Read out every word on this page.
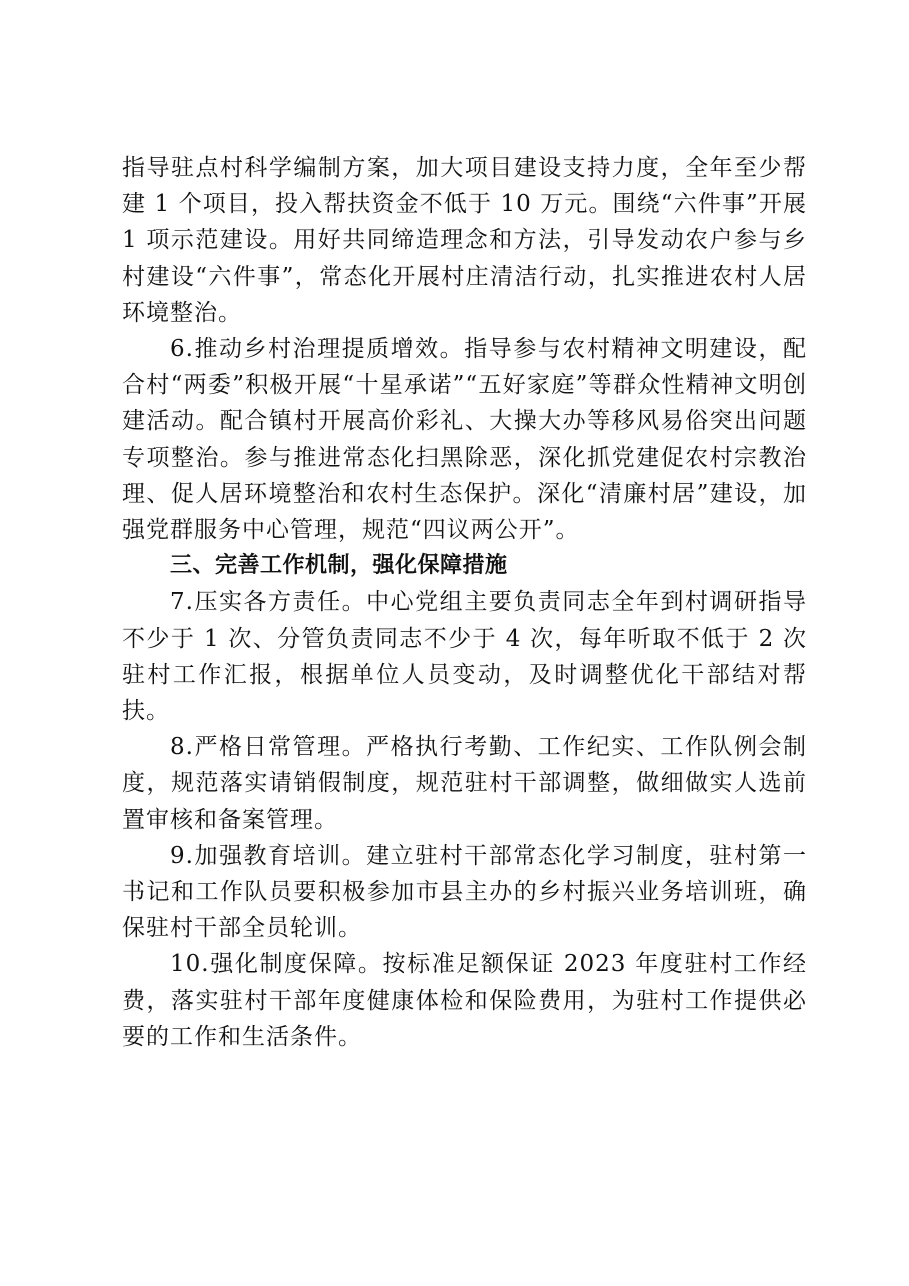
指导驻点村科学编制方案，加大项目建设支持力度，全年至少帮建 1 个项目，投入帮扶资金不低于 10 万元。围绕“六件事”开展 1 项示范建设。用好共同缔造理念和方法，引导发动农户参与乡村建设“六件事”，常态化开展村庄清洁行动，扎实推进农村人居环境整治。

6.推动乡村治理提质增效。指导参与农村精神文明建设，配合村“两委”积极开展“十星承诺”“五好家庭”等群众性精神文明创建活动。配合镇村开展高价彩礼、大操大办等移风易俗突出问题专项整治。参与推进常态化扫黑除恶，深化抓党建促农村宗教治理、促人居环境整治和农村生态保护。深化“清廉村居”建设，加强党群服务中心管理，规范“四议两公开”。

三、完善工作机制，强化保障措施

7.压实各方责任。中心党组主要负责同志全年到村调研指导不少于 1 次、分管负责同志不少于 4 次，每年听取不低于 2 次驻村工作汇报，根据单位人员变动，及时调整优化干部结对帮扶。

8.严格日常管理。严格执行考勤、工作纪实、工作队例会制度，规范落实请销假制度，规范驻村干部调整，做细做实人选前置审核和备案管理。

9.加强教育培训。建立驻村干部常态化学习制度，驻村第一书记和工作队员要积极参加市县主办的乡村振兴业务培训班，确保驻村干部全员轮训。

10.强化制度保障。按标准足额保证 2023 年度驻村工作经费，落实驻村干部年度健康体检和保险费用，为驻村工作提供必要的工作和生活条件。
